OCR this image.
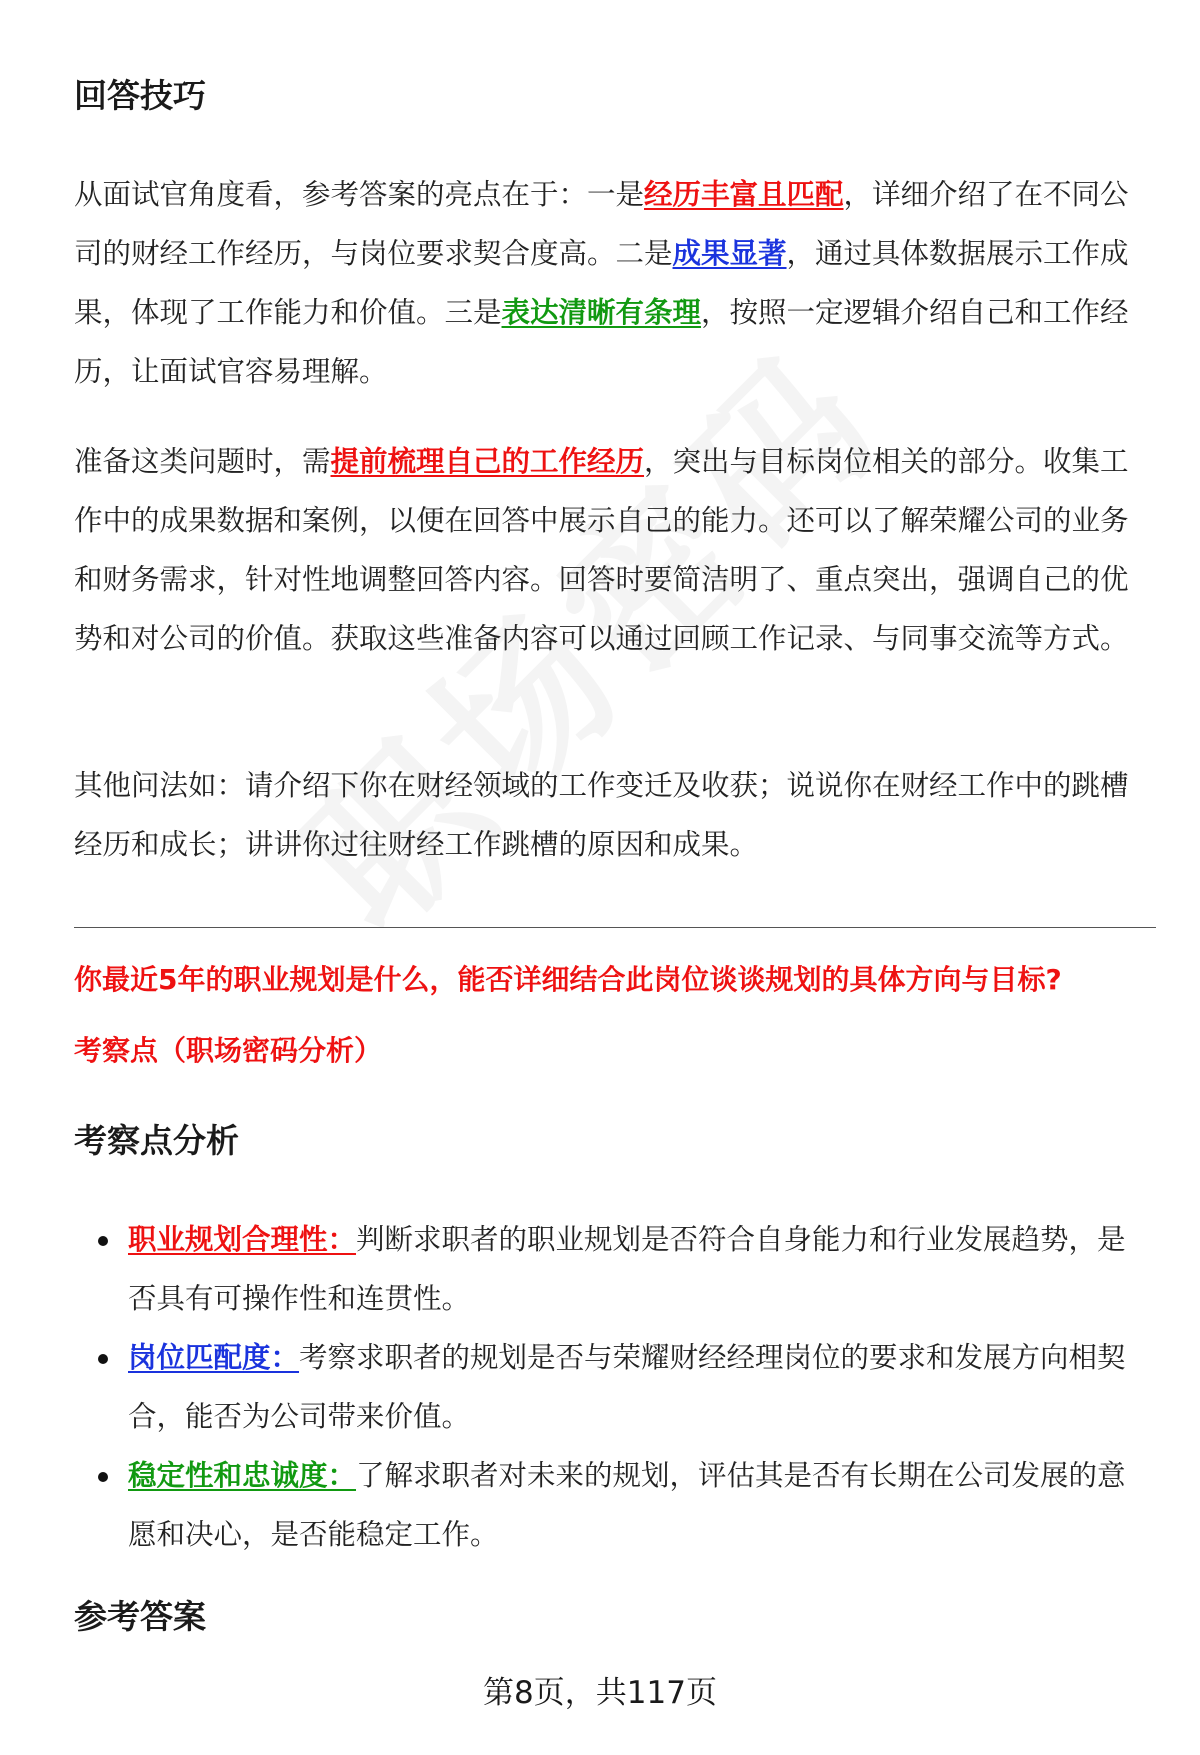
回答技巧

从面试官角度看，参考答案的亮点在于：一是经历丰富且匹配，详细介绍了在不同公司的财经工作经历，与岗位要求契合度高。二是成果显著，通过具体数据展示工作成果，体现了工作能力和价值。三是表达清晰有条理，按照一定逻辑介绍自己和工作经历，让面试官容易理解。

准备这类问题时，需提前梳理自己的工作经历，突出与目标岗位相关的部分。收集工作中的成果数据和案例，以便在回答中展示自己的能力。还可以了解荣耀公司的业务和财务需求，针对性地调整回答内容。回答时要简洁明了、重点突出，强调自己的优势和对公司的价值。获取这些准备内容可以通过回顾工作记录、与同事交流等方式。

其他问法如：请介绍下你在财经领域的工作变迁及收获；说说你在财经工作中的跳槽经历和成长；讲讲你过往财经工作跳槽的原因和成果。

你最近5年的职业规划是什么，能否详细结合此岗位谈谈规划的具体方向与目标?

考察点（职场密码分析）

考察点分析
职业规划合理性：判断求职者的职业规划是否符合自身能力和行业发展趋势，是否具有可操作性和连贯性。
岗位匹配度：考察求职者的规划是否与荣耀财经经理岗位的要求和发展方向相契合，能否为公司带来价值。
稳定性和忠诚度：了解求职者对未来的规划，评估其是否有长期在公司发展的意愿和决心，是否能稳定工作。
参考答案
第8页，共117页
